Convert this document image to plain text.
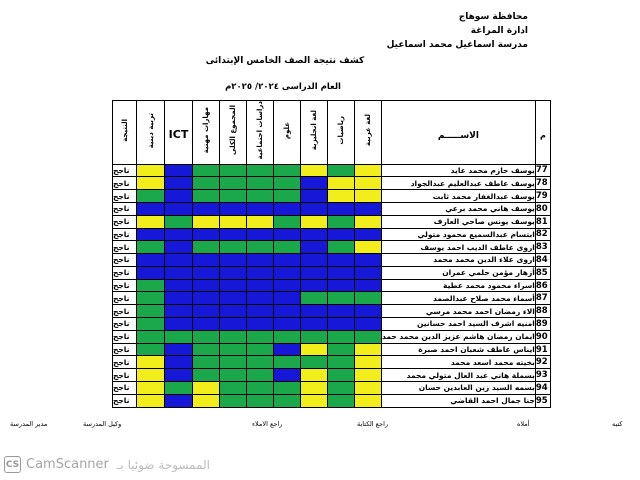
محافظة سوهاج
ادارة المراغة
مدرسة اسماعيل محمد اسماعيل
كشف نتيجة الصف الخامس الإبتدائى
العام الدراسى ٢٠٢٤/ ٢٠٢٥م
النتيجة	تربية دينية	ICT	مهارات مهنية	المجموع الكلى	دراسات اجتماعية	علوم	لغة انجليزية	رياضيات	لغة عربية	الاســـــم	م
ناجح										يوسف حازم محمد عايد	77
ناجح										يوسف عاطف عبدالعليم عبدالجواد	78
ناجح										يوسف عبدالغفار محمد ثابت	79
ناجح										يوسف هاني محمد برعي	80
ناجح										يوسف يونس صاحي العارف	81
ناجح										ابتسام عبدالسميع محمود متولي	82
ناجح										اروى عاطف الديب احمد يوسف	83
ناجح										اروى علاء الدين محمد محمد	84
ناجح										أزهار مؤمن حلمي عمران	85
ناجح										اسراء محمود محمد عطية	86
ناجح										أسماء محمد صلاح عبدالصمد	87
ناجح										الاء رمضان احمد محمد مرسي	88
ناجح										امنيه اشرف السيد احمد حسانين	89
ناجح										ايمان رمضان هاشم عزيز الدين محمد حمد	90
ناجح										ايناس عاطف شعبان احمد صبرة	91
ناجح										بخيته محمد اسعد محمد	92
ناجح										بسملة هاني عبد العال متولي محمد	93
ناجح										بسمه السيد زين العابدين حسان	94
ناجح										جنا جمال احمد القاضي	95
كتبه
أملاه
راجع الكتابة
راجع الاملاء
وكيل المدرسة
مدير المدرسة
CS CamScanner الممسوحة ضوئيا بـ
